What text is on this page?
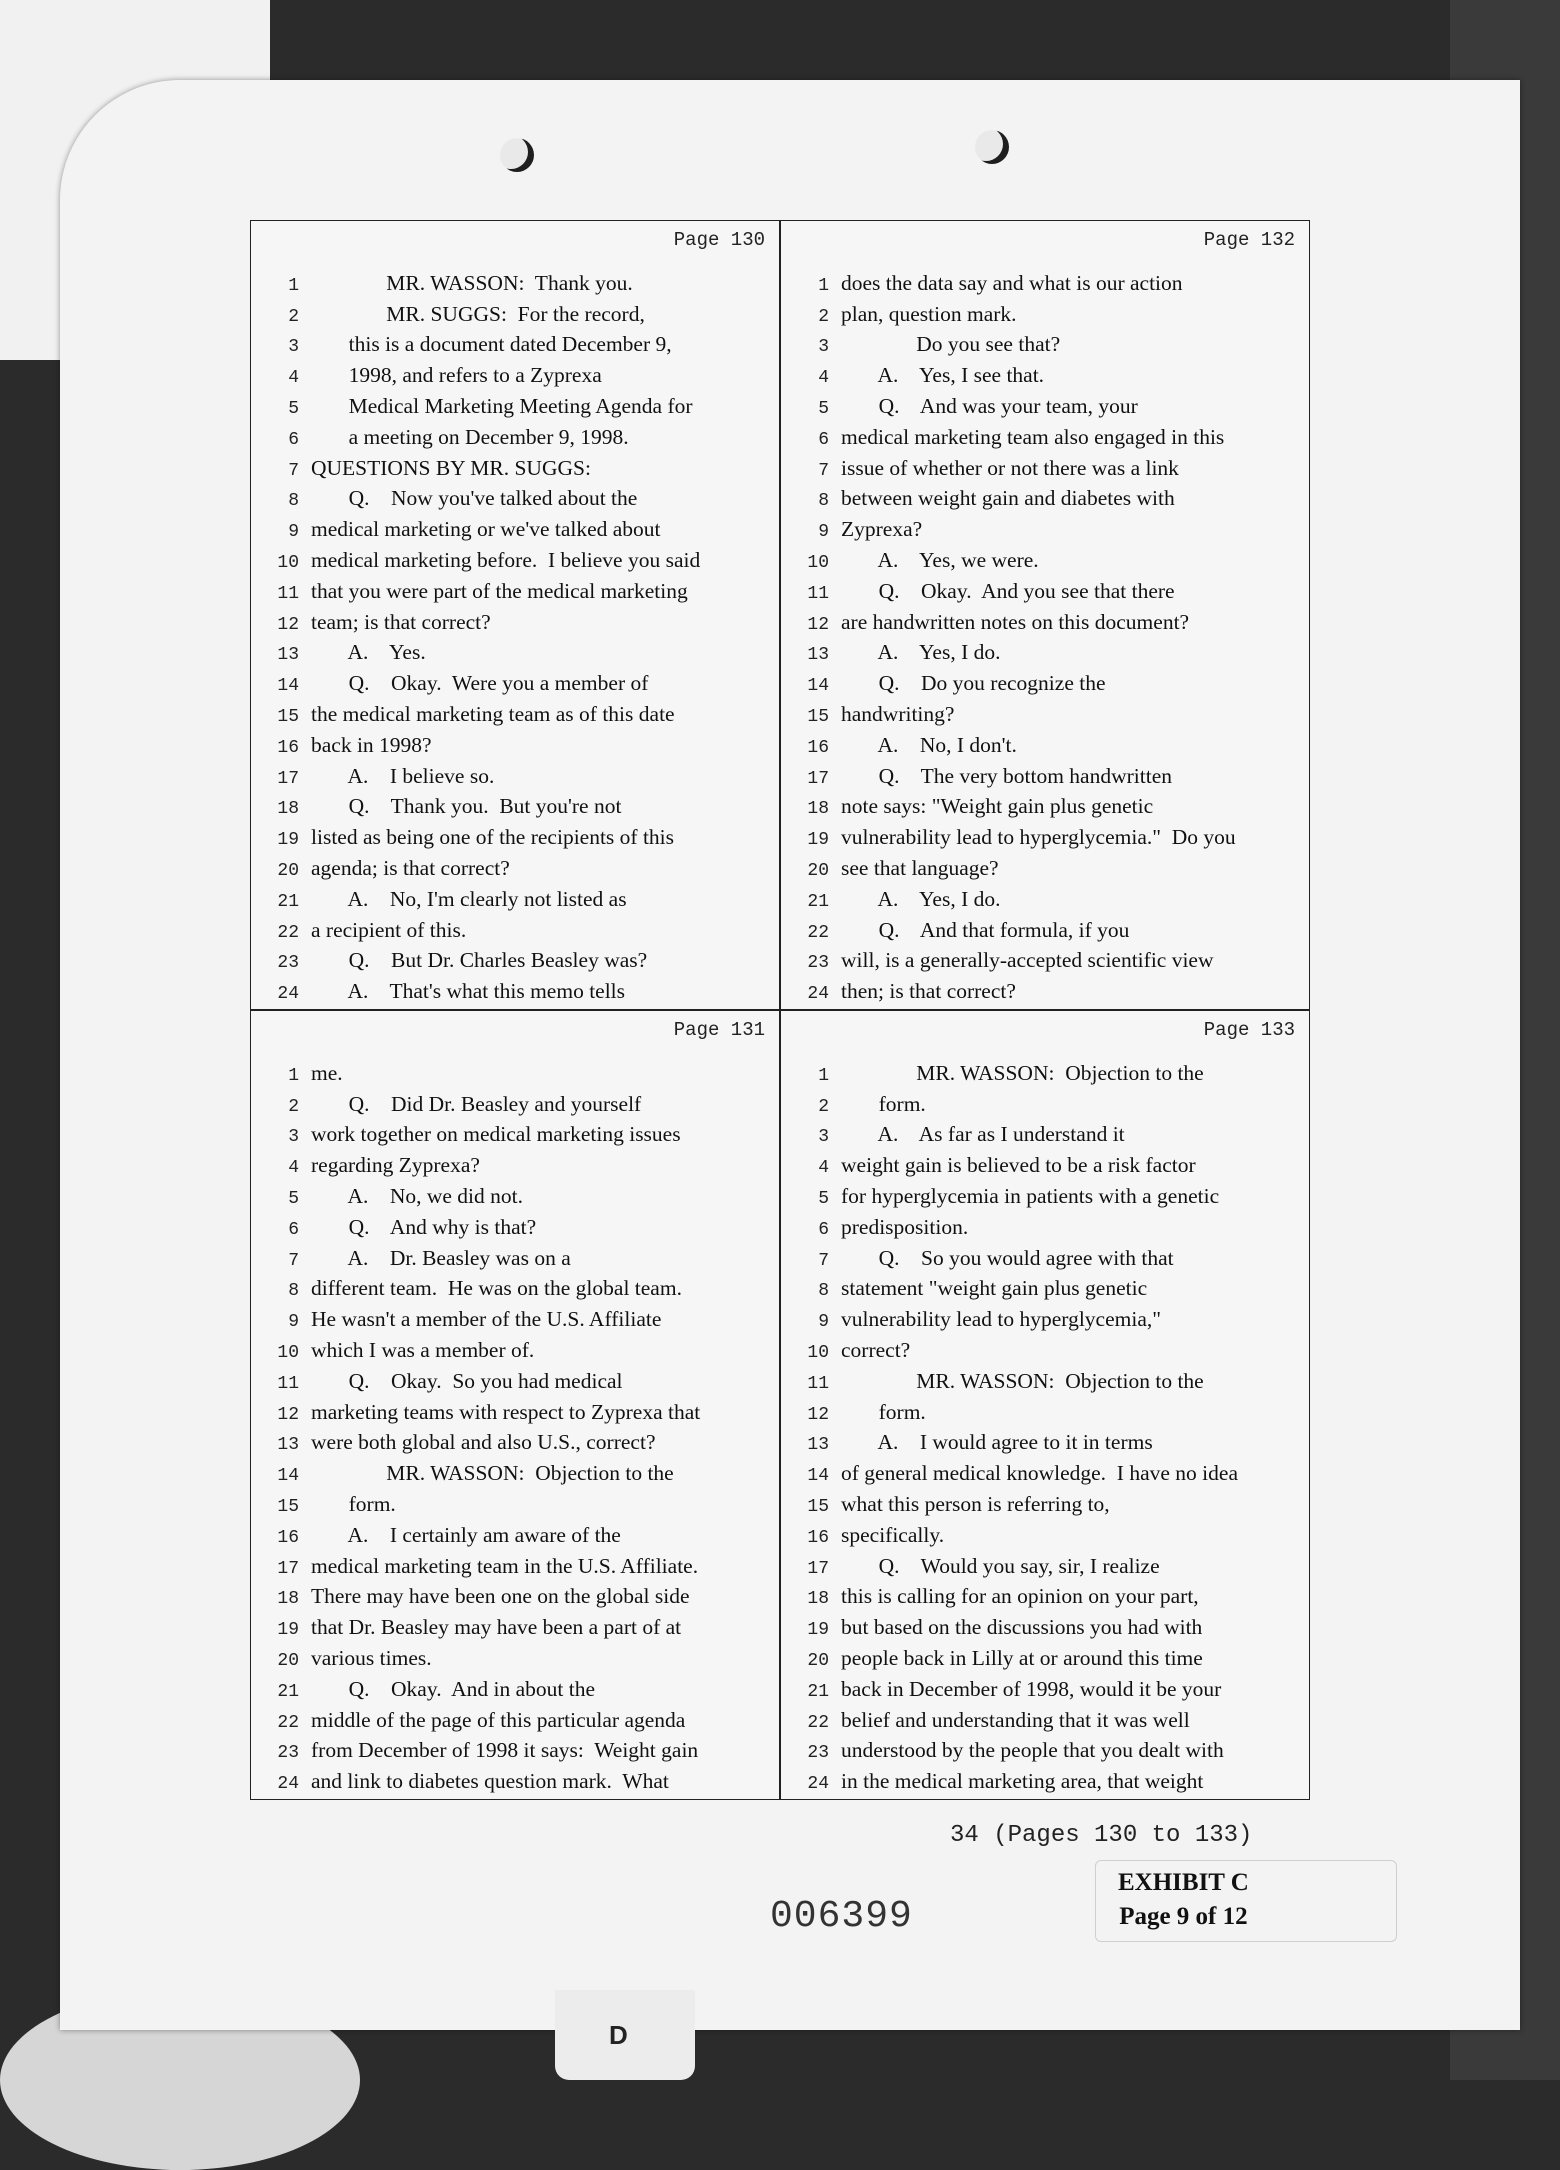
Page 130
1 MR. WASSON:  Thank you.
2 MR. SUGGS:  For the record,
3 this is a document dated December 9,
4 1998, and refers to a Zyprexa
5 Medical Marketing Meeting Agenda for
6 a meeting on December 9, 1998.
7 QUESTIONS BY MR. SUGGS:
8 Q.    Now you've talked about the
9 medical marketing or we've talked about
10 medical marketing before.  I believe you said
11 that you were part of the medical marketing
12 team; is that correct?
13 A.    Yes.
14 Q.    Okay.  Were you a member of
15 the medical marketing team as of this date
16 back in 1998?
17 A.    I believe so.
18 Q.    Thank you.  But you're not
19 listed as being one of the recipients of this
20 agenda; is that correct?
21 A.    No, I'm clearly not listed as
22 a recipient of this.
23 Q.    But Dr. Charles Beasley was?
24 A.    That's what this memo tells
Page 132
1 does the data say and what is our action
2 plan, question mark.
3 Do you see that?
4 A.    Yes, I see that.
5 Q.    And was your team, your
6 medical marketing team also engaged in this
7 issue of whether or not there was a link
8 between weight gain and diabetes with
9 Zyprexa?
10 A.    Yes, we were.
11 Q.    Okay.  And you see that there
12 are handwritten notes on this document?
13 A.    Yes, I do.
14 Q.    Do you recognize the
15 handwriting?
16 A.    No, I don't.
17 Q.    The very bottom handwritten
18 note says: "Weight gain plus genetic
19 vulnerability lead to hyperglycemia."  Do you
20 see that language?
21 A.    Yes, I do.
22 Q.    And that formula, if you
23 will, is a generally-accepted scientific view
24 then; is that correct?
Page 131
1 me.
2 Q.    Did Dr. Beasley and yourself
3 work together on medical marketing issues
4 regarding Zyprexa?
5 A.    No, we did not.
6 Q.    And why is that?
7 A.    Dr. Beasley was on a
8 different team.  He was on the global team.
9 He wasn't a member of the U.S. Affiliate
10 which I was a member of.
11 Q.    Okay.  So you had medical
12 marketing teams with respect to Zyprexa that
13 were both global and also U.S., correct?
14 MR. WASSON:  Objection to the
15 form.
16 A.    I certainly am aware of the
17 medical marketing team in the U.S. Affiliate.
18 There may have been one on the global side
19 that Dr. Beasley may have been a part of at
20 various times.
21 Q.    Okay.  And in about the
22 middle of the page of this particular agenda
23 from December of 1998 it says:  Weight gain
24 and link to diabetes question mark.  What
Page 133
1 MR. WASSON:  Objection to the
2 form.
3 A.    As far as I understand it
4 weight gain is believed to be a risk factor
5 for hyperglycemia in patients with a genetic
6 predisposition.
7 Q.    So you would agree with that
8 statement "weight gain plus genetic
9 vulnerability lead to hyperglycemia,"
10 correct?
11 MR. WASSON:  Objection to the
12 form.
13 A.    I would agree to it in terms
14 of general medical knowledge.  I have no idea
15 what this person is referring to,
16 specifically.
17 Q.    Would you say, sir, I realize
18 this is calling for an opinion on your part,
19 but based on the discussions you had with
20 people back in Lilly at or around this time
21 back in December of 1998, would it be your
22 belief and understanding that it was well
23 understood by the people that you dealt with
24 in the medical marketing area, that weight
34 (Pages 130 to 133)
006399
EXHIBIT C
Page 9 of 12
D
